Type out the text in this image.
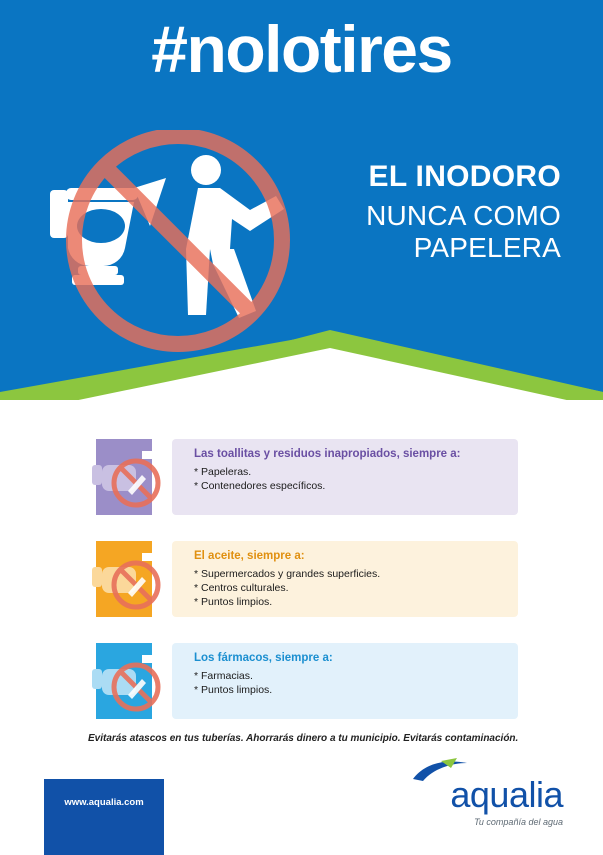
#nolotires
EL INODORO
NUNCA COMO PAPELERA
Las toallitas y residuos inapropiados, siempre a:
* Papeleras.
* Contenedores específicos.
El aceite, siempre a:
* Supermercados y grandes superficies.
* Centros culturales.
* Puntos limpios.
Los fármacos, siempre a:
* Farmacias.
* Puntos limpios.
Evitarás atascos en tus tuberías. Ahorrarás dinero a tu municipio. Evitarás contaminación.
www.aqualia.com	aqualia
Tu compañía del agua
